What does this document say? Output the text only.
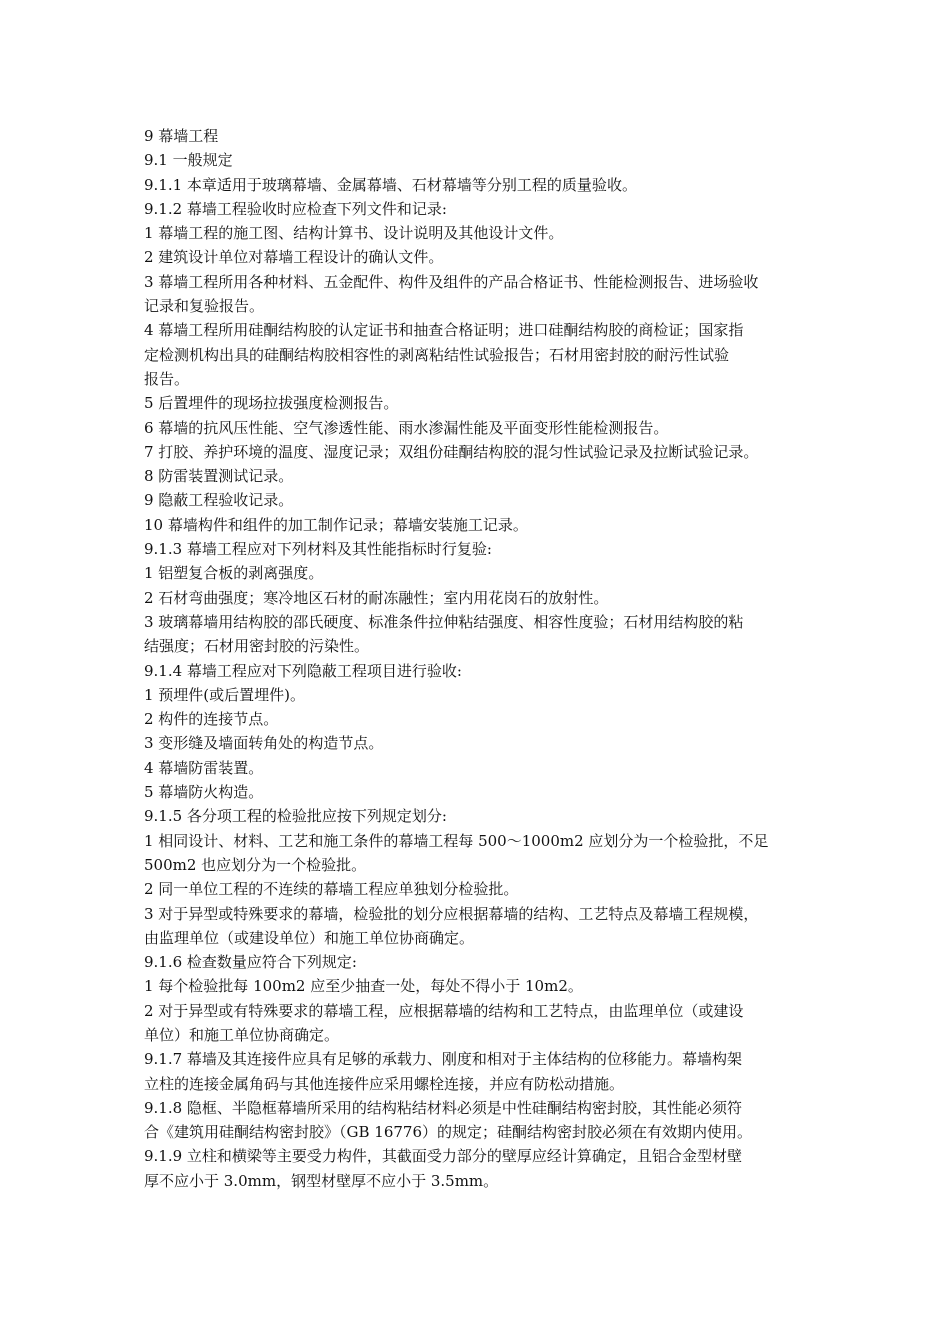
9 幕墙工程
9.1 一般规定
9.1.1 本章适用于玻璃幕墙、金属幕墙、石材幕墙等分别工程的质量验收。
9.1.2 幕墙工程验收时应检查下列文件和记录:
1 幕墙工程的施工图、结构计算书、设计说明及其他设计文件。
2 建筑设计单位对幕墙工程设计的确认文件。
3 幕墙工程所用各种材料、五金配件、构件及组件的产品合格证书、性能检测报告、进场验收
记录和复验报告。
4 幕墙工程所用硅酮结构胶的认定证书和抽查合格证明；进口硅酮结构胶的商检证；国家指
定检测机构出具的硅酮结构胶相容性的剥离粘结性试验报告；石材用密封胶的耐污性试验
报告。
5 后置埋件的现场拉拔强度检测报告。
6 幕墙的抗风压性能、空气渗透性能、雨水渗漏性能及平面变形性能检测报告。
7 打胶、养护环境的温度、湿度记录；双组份硅酮结构胶的混匀性试验记录及拉断试验记录。
8 防雷装置测试记录。
9 隐蔽工程验收记录。
10 幕墙构件和组件的加工制作记录；幕墙安装施工记录。
9.1.3 幕墙工程应对下列材料及其性能指标时行复验:
1 铝塑复合板的剥离强度。
2 石材弯曲强度；寒冷地区石材的耐冻融性；室内用花岗石的放射性。
3 玻璃幕墙用结构胶的邵氏硬度、标准条件拉伸粘结强度、相容性度验；石材用结构胶的粘
结强度；石材用密封胶的污染性。
9.1.4 幕墙工程应对下列隐蔽工程项目进行验收:
1 预埋件(或后置埋件)。
2 构件的连接节点。
3 变形缝及墙面转角处的构造节点。
4 幕墙防雷装置。
5 幕墙防火构造。
9.1.5 各分项工程的检验批应按下列规定划分:
1 相同设计、材料、工艺和施工条件的幕墙工程每 500～1000m2 应划分为一个检验批，不足
500m2 也应划分为一个检验批。
2 同一单位工程的不连续的幕墙工程应单独划分检验批。
3 对于异型或特殊要求的幕墙，检验批的划分应根据幕墙的结构、工艺特点及幕墙工程规模，
由监理单位（或建设单位）和施工单位协商确定。
9.1.6 检查数量应符合下列规定:
1 每个检验批每 100m2 应至少抽查一处，每处不得小于 10m2。
2 对于异型或有特殊要求的幕墙工程，应根据幕墙的结构和工艺特点，由监理单位（或建设
单位）和施工单位协商确定。
9.1.7 幕墙及其连接件应具有足够的承载力、刚度和相对于主体结构的位移能力。幕墙构架
立柱的连接金属角码与其他连接件应采用螺栓连接，并应有防松动措施。
9.1.8 隐框、半隐框幕墙所采用的结构粘结材料必须是中性硅酮结构密封胶，其性能必须符
合《建筑用硅酮结构密封胶》（GB 16776）的规定；硅酮结构密封胶必须在有效期内使用。
9.1.9 立柱和横梁等主要受力构件，其截面受力部分的壁厚应经计算确定，且铝合金型材壁
厚不应小于 3.0mm，钢型材壁厚不应小于 3.5mm。
